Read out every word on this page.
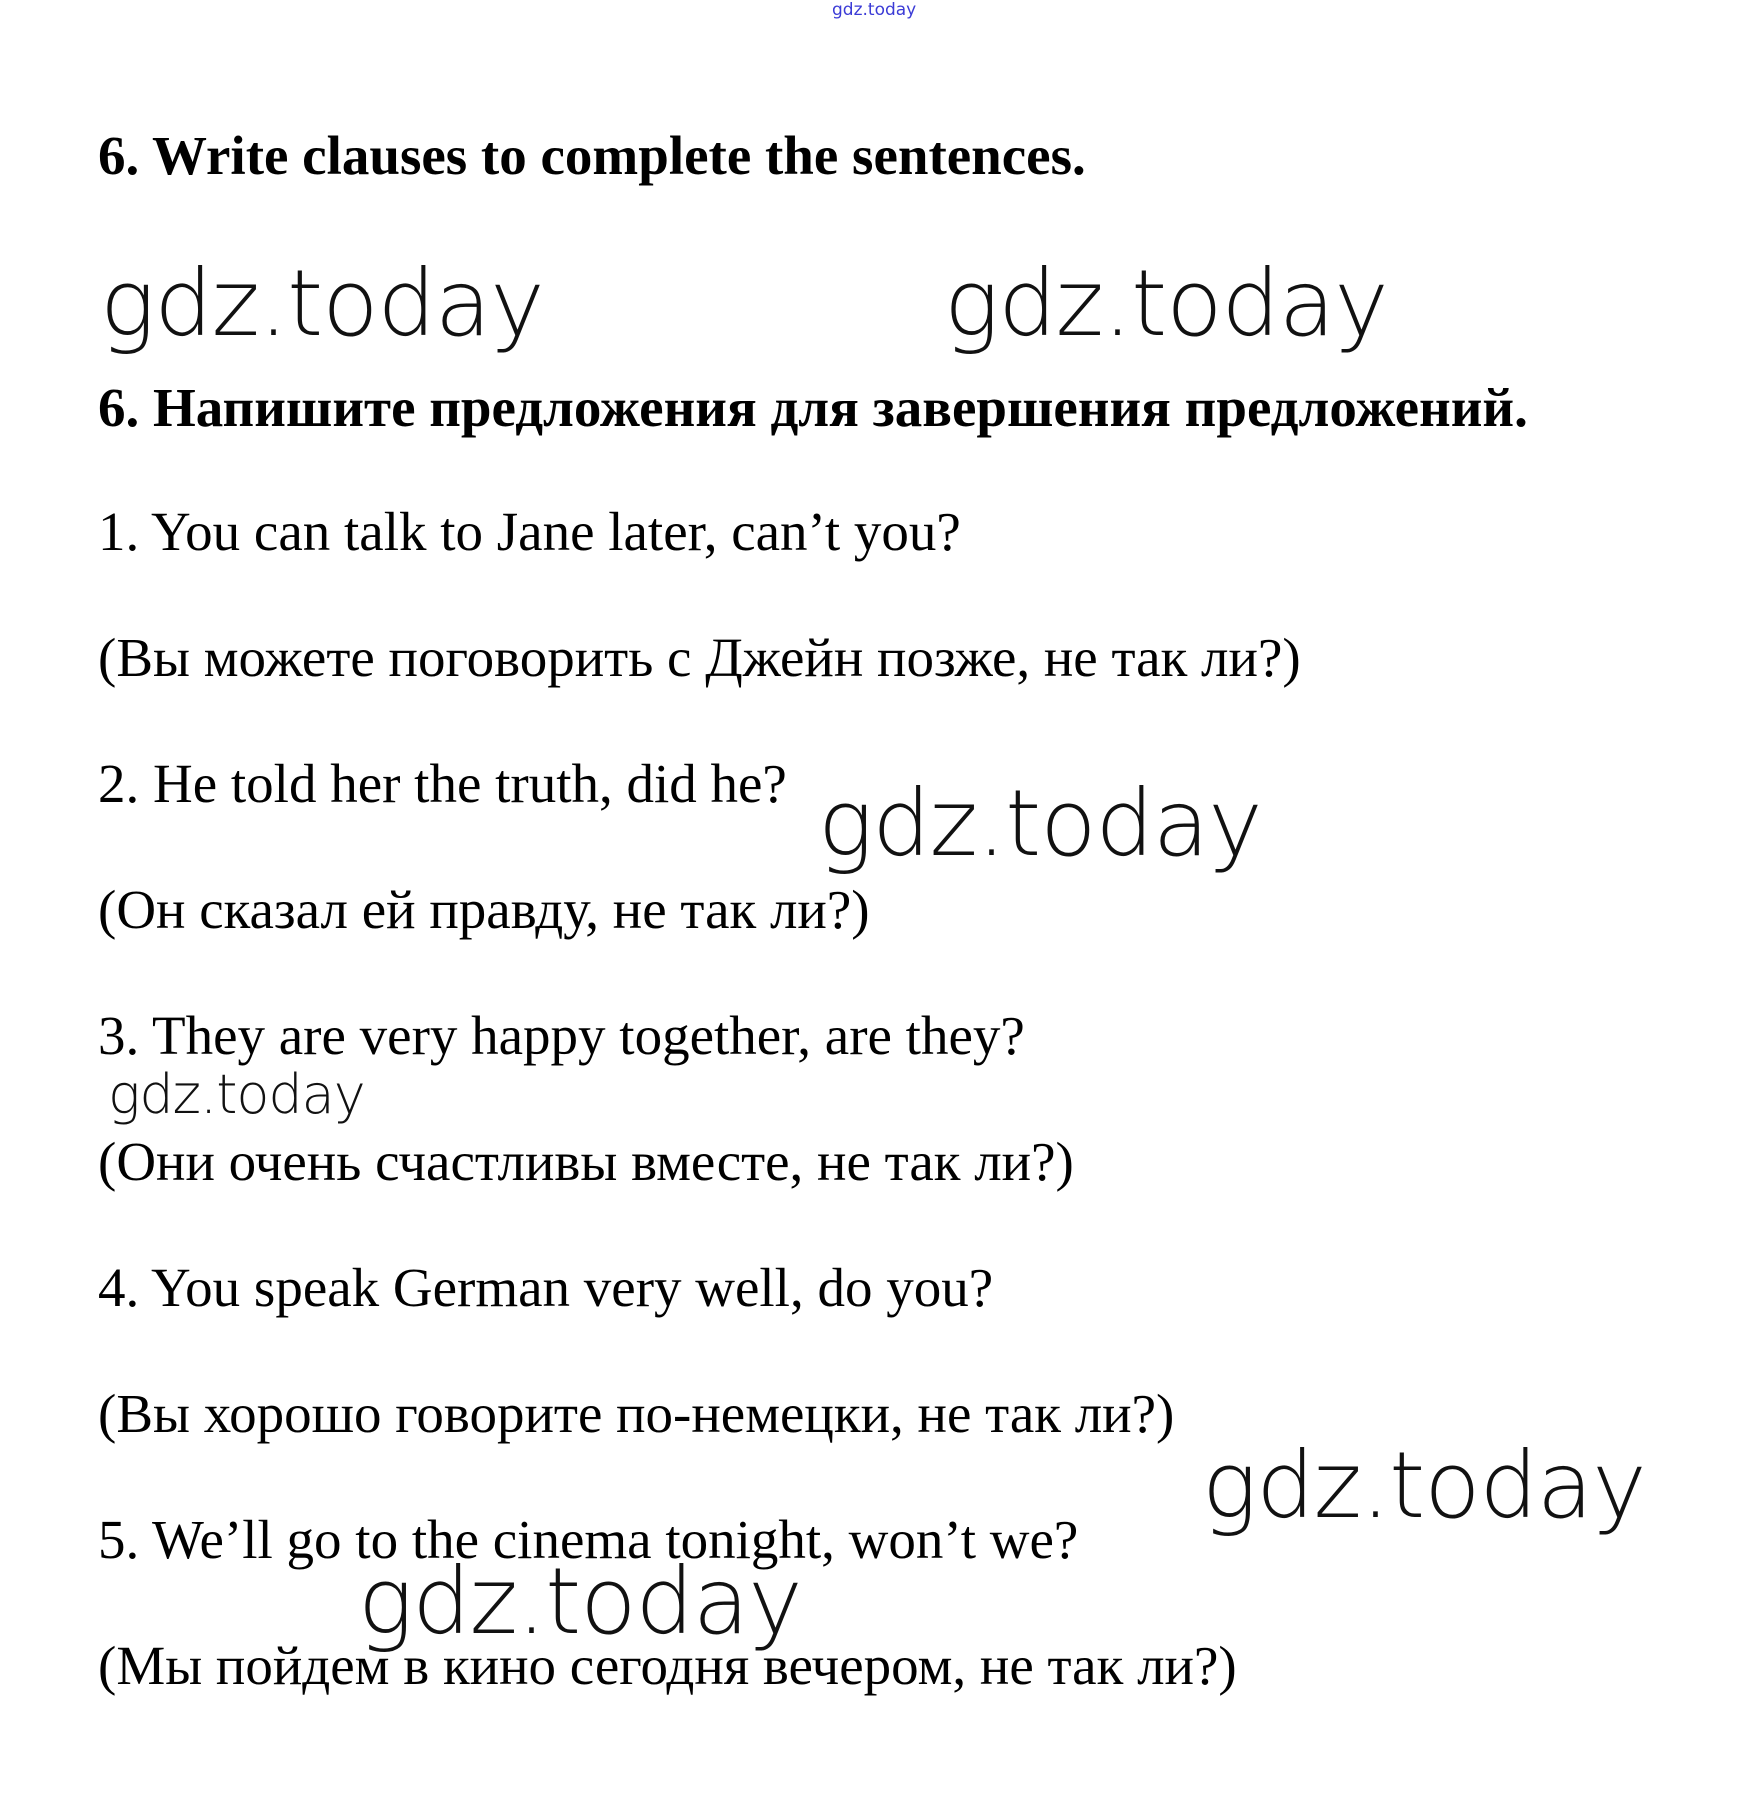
gdz.today
6. Write clauses to complete the sentences.
gdz.today	gdz.today
6. Напишите предложения для завершения предложений.
1. You can talk to Jane later, can’t you?
(Вы можете поговорить с Джейн позже, не так ли?)
2. He told her the truth, did he? gdz.today
(Он сказал ей правду, не так ли?)
3. They are very happy together, are they?
gdz.today
(Они очень счастливы вместе, не так ли?)
4. You speak German very well, do you?
(Вы хорошо говорите по-немецки, не так ли?)
gdz.today
5. We’ll go to the cinema tonight, won’t we?
gdz.today
(Мы пойдем в кино сегодня вечером, не так ли?)
